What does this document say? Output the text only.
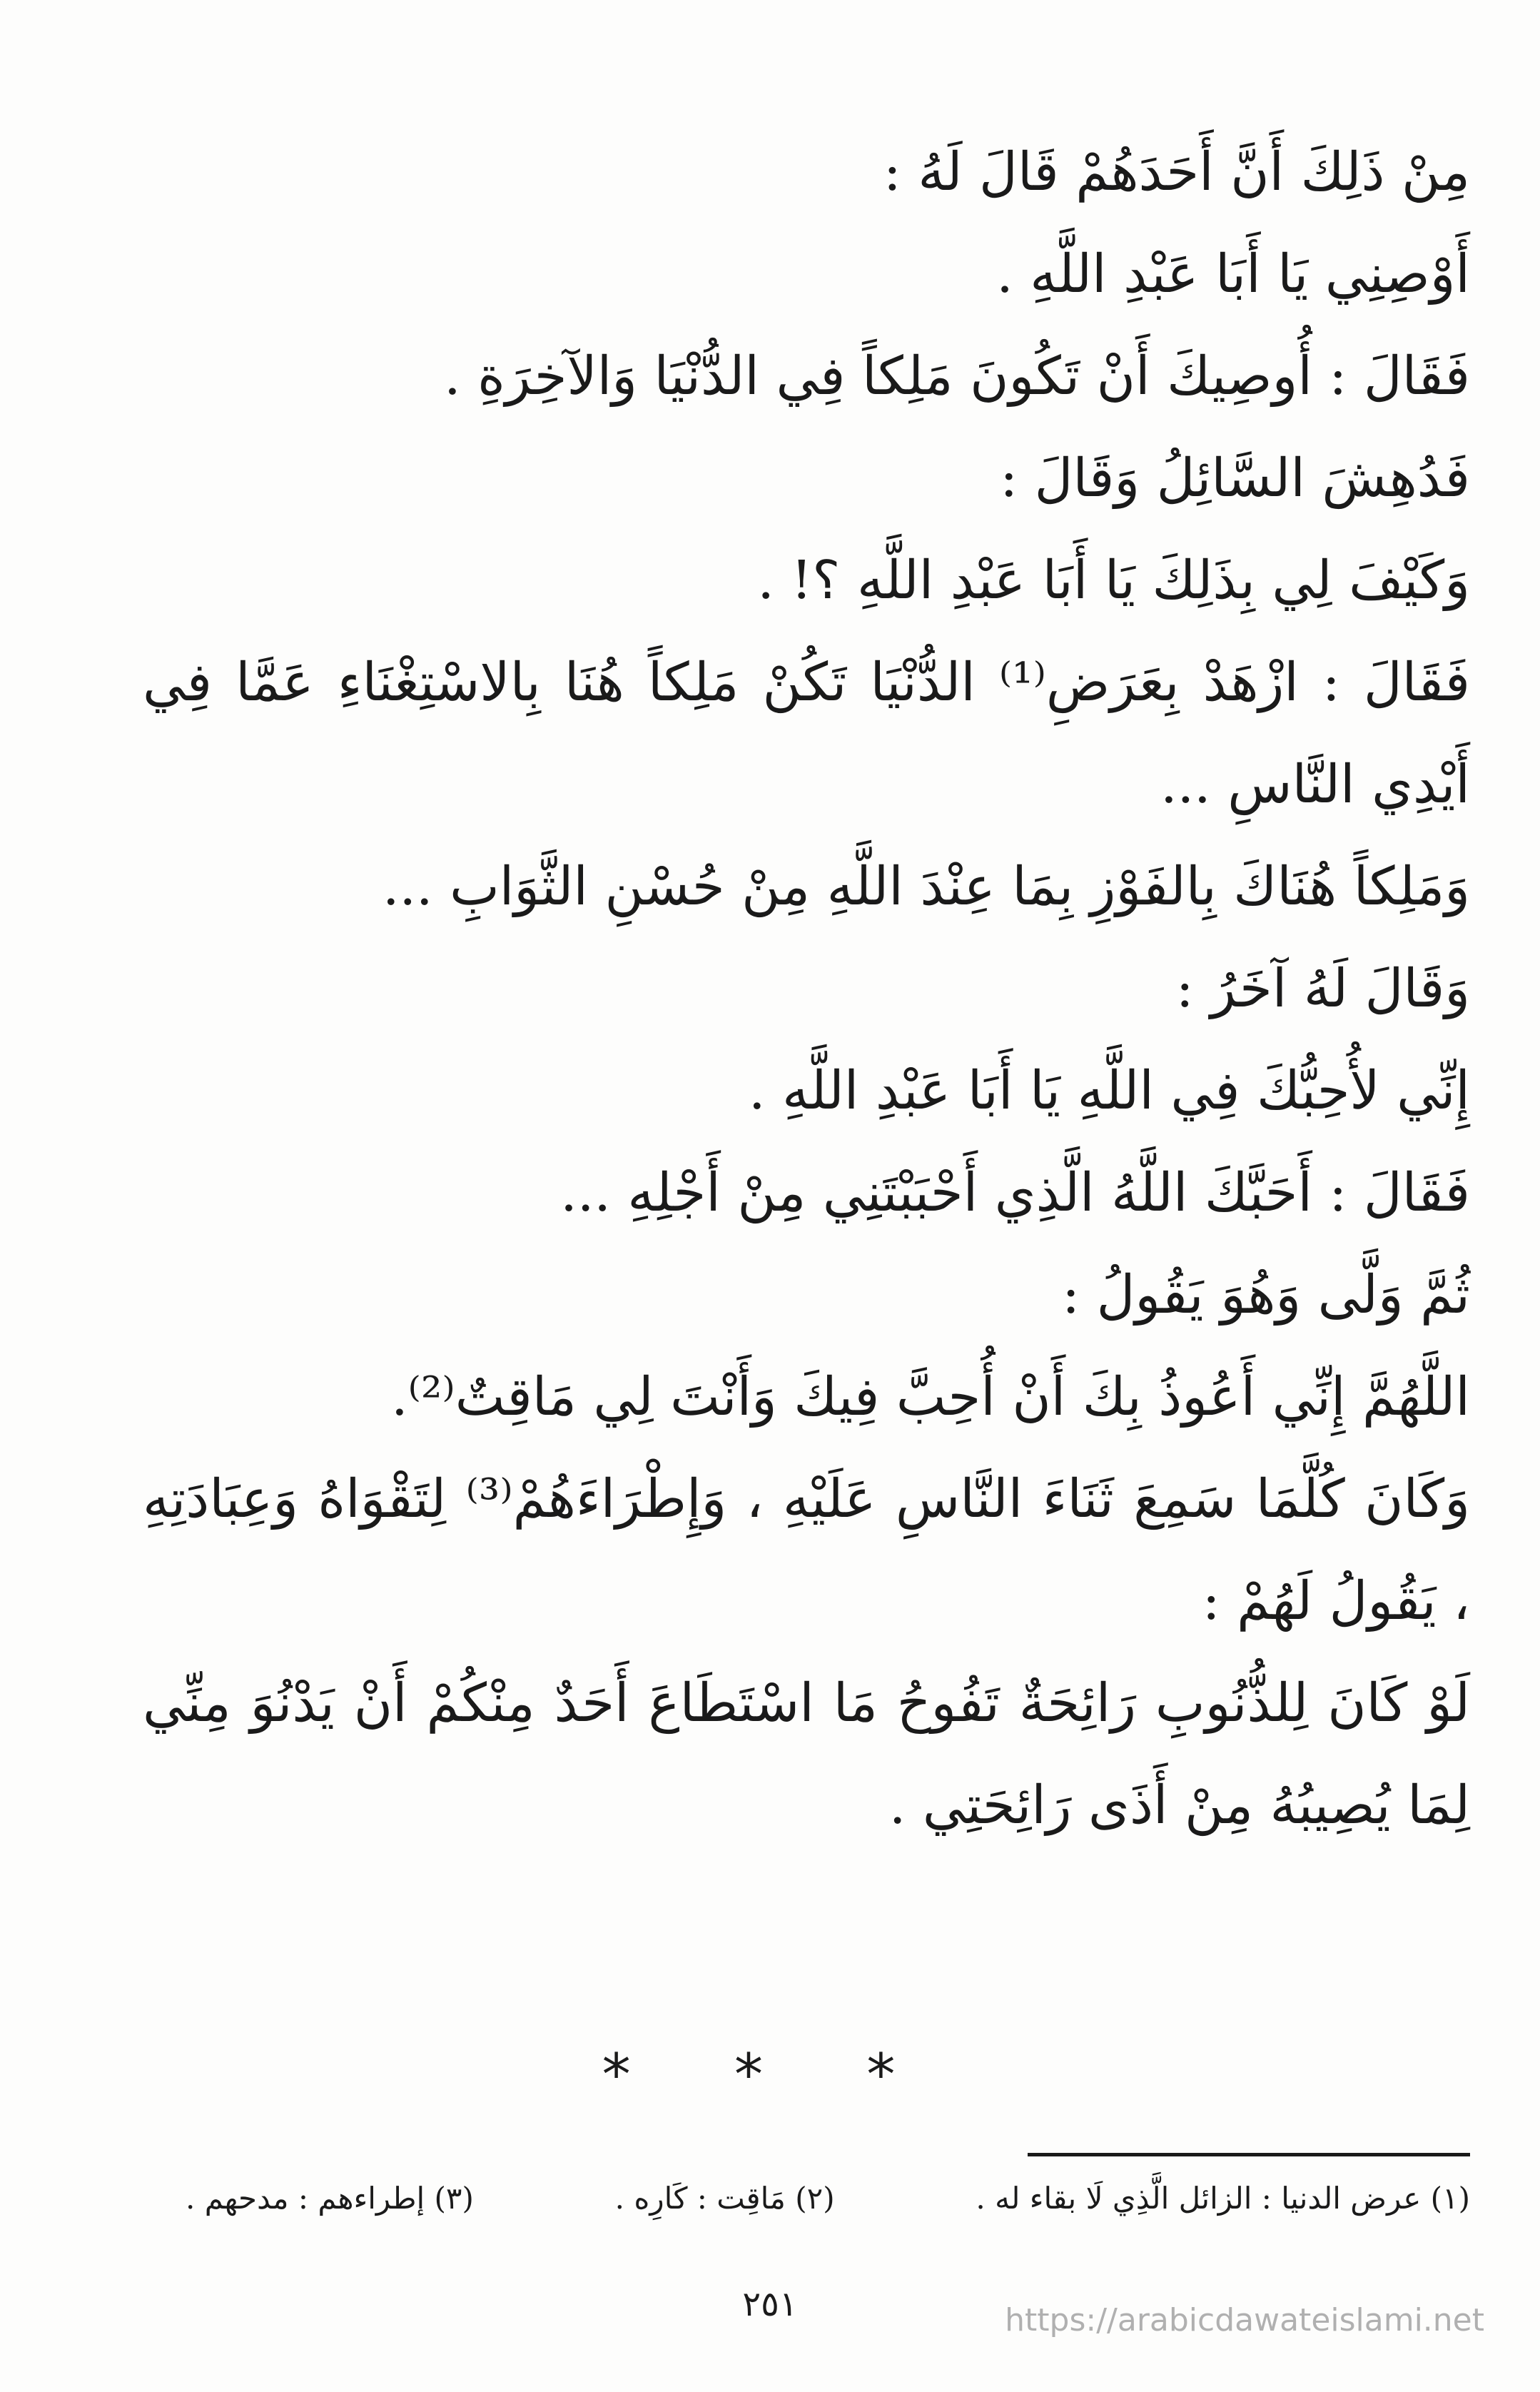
مِنْ ذَلِكَ أَنَّ أَحَدَهُمْ قَالَ لَهُ :

أَوْصِنِي يَا أَبَا عَبْدِ اللَّهِ .

فَقَالَ : أُوصِيكَ أَنْ تَكُونَ مَلِكاً فِي الدُّنْيَا وَالآخِرَةِ .

فَدُهِشَ السَّائِلُ وَقَالَ :

وَكَيْفَ لِي بِذَلِكَ يَا أَبَا عَبْدِ اللَّهِ ؟! .

فَقَالَ : ازْهَدْ بِعَرَضِ⁽¹⁾ الدُّنْيَا تَكُنْ مَلِكاً هُنَا بِالاسْتِغْنَاءِ عَمَّا فِي أَيْدِي النَّاسِ ...

وَمَلِكاً هُنَاكَ بِالفَوْزِ بِمَا عِنْدَ اللَّهِ مِنْ حُسْنِ الثَّوَابِ ...

وَقَالَ لَهُ آخَرُ :

إِنِّي لأُحِبُّكَ فِي اللَّهِ يَا أَبَا عَبْدِ اللَّهِ .

فَقَالَ : أَحَبَّكَ اللَّهُ الَّذِي أَحْبَبْتَنِي مِنْ أَجْلِهِ ...

ثُمَّ وَلَّى وَهُوَ يَقُولُ :

اللَّهُمَّ إِنِّي أَعُوذُ بِكَ أَنْ أُحِبَّ فِيكَ وَأَنْتَ لِي مَاقِتٌ⁽²⁾.

وَكَانَ كُلَّمَا سَمِعَ ثَنَاءَ النَّاسِ عَلَيْهِ ، وَإِطْرَاءَهُمْ⁽³⁾ لِتَقْوَاهُ وَعِبَادَتِهِ ، يَقُولُ لَهُمْ :

لَوْ كَانَ لِلذُّنُوبِ رَائِحَةٌ تَفُوحُ مَا اسْتَطَاعَ أَحَدٌ مِنْكُمْ أَنْ يَدْنُوَ مِنِّي لِمَا يُصِيبُهُ مِنْ أَذَى رَائِحَتِي .

* * *
(١) عرض الدنيا : الزائل الَّذِي لَا بقاء له .
(٢) مَاقِت : كَارِه .
(٣) إطراءهم : مدحهم .
٢٥١	https://arabicdawateislami.net
